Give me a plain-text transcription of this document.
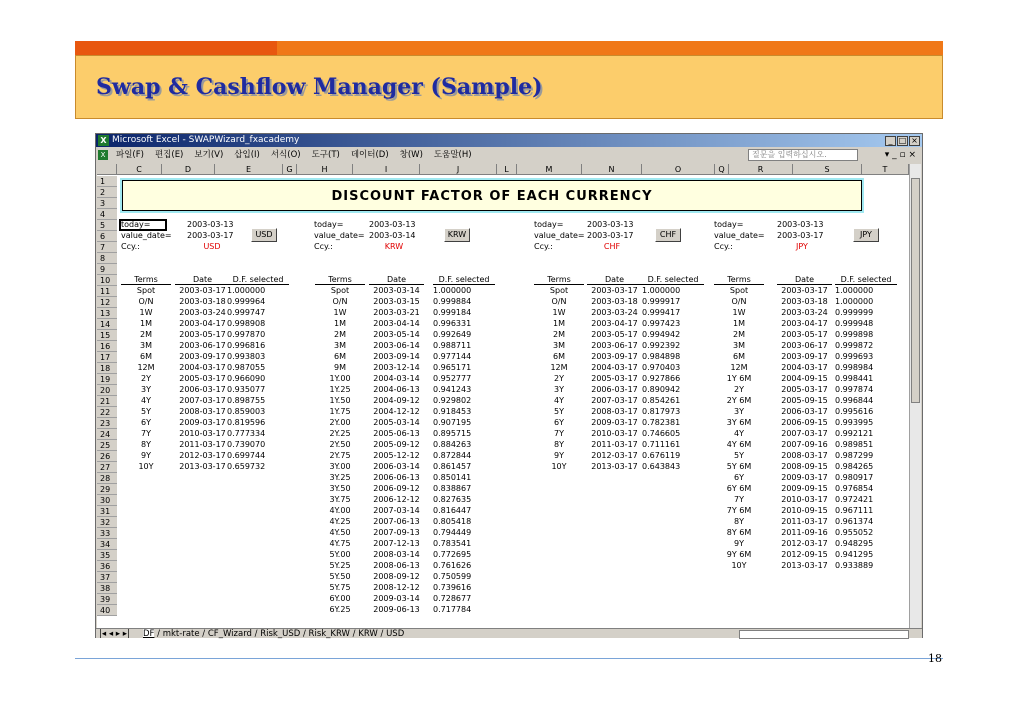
Swap & Cashflow Manager (Sample)
X Microsoft Excel - SWAPWizard_fxacademy	_ □ ×
X	파일(F) 편집(E) 보기(V) 삽입(I) 서식(O) 도구(T) 데이터(D) 창(W) 도움말(H)	질문을 입력하십시오.	▾ _ ▫ ×
C	D	E	G	H	I	J	L	M	N	O	Q	R	S	T
DISCOUNT FACTOR OF EACH CURRENCY
1
2
3
4
5
6
7
8
9
10
11
12
13
14
15
16
17
18
19
20
21
22
23
24
25
26
27
28
29
30
31
32
33
34
35
36
37
38
39
40
today=	2003-03-13
value_date=	2003-03-17
Ccy.:	USD
USD
Terms	Date	D.F. selected
Spot	2003-03-17 1.000000
O/N	2003-03-18 0.999964
1W	2003-03-24 0.999747
1M	2003-04-17 0.998908
2M	2003-05-17 0.997870
3M	2003-06-17 0.996816
6M	2003-09-17 0.993803
12M	2004-03-17 0.987055
2Y	2005-03-17 0.966090
3Y	2006-03-17 0.935077
4Y	2007-03-17 0.898755
5Y	2008-03-17 0.859003
6Y	2009-03-17 0.819596
7Y	2010-03-17 0.777334
8Y	2011-03-17 0.739070
9Y	2012-03-17 0.699744
10Y	2013-03-17 0.659732
today=	2003-03-13
value_date= 2003-03-14
Ccy.:	KRW
KRW
Terms	Date	D.F. selected
Spot	2003-03-14	1.000000
O/N	2003-03-15	0.999884
1W	2003-03-21	0.999184
1M	2003-04-14	0.996331
2M	2003-05-14	0.992649
3M	2003-06-14	0.988711
6M	2003-09-14	0.977144
9M	2003-12-14	0.965171
1Y.00	2004-03-14	0.952777
1Y.25	2004-06-13	0.941243
1Y.50	2004-09-12	0.929802
1Y.75	2004-12-12	0.918453
2Y.00	2005-03-14	0.907195
2Y.25	2005-06-13	0.895715
2Y.50	2005-09-12	0.884263
2Y.75	2005-12-12	0.872844
3Y.00	2006-03-14	0.861457
3Y.25	2006-06-13	0.850141
3Y.50	2006-09-12	0.838867
3Y.75	2006-12-12	0.827635
4Y.00	2007-03-14	0.816447
4Y.25	2007-06-13	0.805418
4Y.50	2007-09-13	0.794449
4Y.75	2007-12-13	0.783541
5Y.00	2008-03-14	0.772695
5Y.25	2008-06-13	0.761626
5Y.50	2008-09-12	0.750599
5Y.75	2008-12-12	0.739616
6Y.00	2009-03-14	0.728677
6Y.25	2009-06-13	0.717784
today=	2003-03-13
value_date= 2003-03-17
Ccy.:	CHF
CHF
Terms	Date	D.F. selected
Spot	2003-03-17 1.000000
O/N	2003-03-18 0.999917
1W	2003-03-24 0.999417
1M	2003-04-17 0.997423
2M	2003-05-17 0.994942
3M	2003-06-17 0.992392
6M	2003-09-17 0.984898
12M	2004-03-17 0.970403
2Y	2005-03-17 0.927866
3Y	2006-03-17 0.890942
4Y	2007-03-17 0.854261
5Y	2008-03-17 0.817973
6Y	2009-03-17 0.782381
7Y	2010-03-17 0.746605
8Y	2011-03-17 0.711161
9Y	2012-03-17 0.676119
10Y	2013-03-17 0.643843
today=	2003-03-13
value_date=	2003-03-17
Ccy.:	JPY
JPY
Terms	Date	D.F. selected
Spot	2003-03-17 1.000000
O/N	2003-03-18 1.000000
1W	2003-03-24 0.999999
1M	2003-04-17 0.999948
2M	2003-05-17 0.999898
3M	2003-06-17 0.999872
6M	2003-09-17 0.999693
12M	2004-03-17 0.998984
1Y 6M	2004-09-15 0.998441
2Y	2005-03-17 0.997874
2Y 6M	2005-09-15 0.996844
3Y	2006-03-17 0.995616
3Y 6M	2006-09-15 0.993995
4Y	2007-03-17 0.992121
4Y 6M	2007-09-16 0.989851
5Y	2008-03-17 0.987299
5Y 6M	2008-09-15 0.984265
6Y	2009-03-17 0.980917
6Y 6M	2009-09-15 0.976854
7Y	2010-03-17 0.972421
7Y 6M	2010-09-15 0.967111
8Y	2011-03-17 0.961374
8Y 6M	2011-09-16 0.955052
9Y	2012-03-17 0.948295
9Y 6M	2012-09-15 0.941295
10Y	2013-03-17 0.933889
|◂ ◂ ▸ ▸| DF / mkt-rate / CF_Wizard / Risk_USD / Risk_KRW / KRW / USD
18
